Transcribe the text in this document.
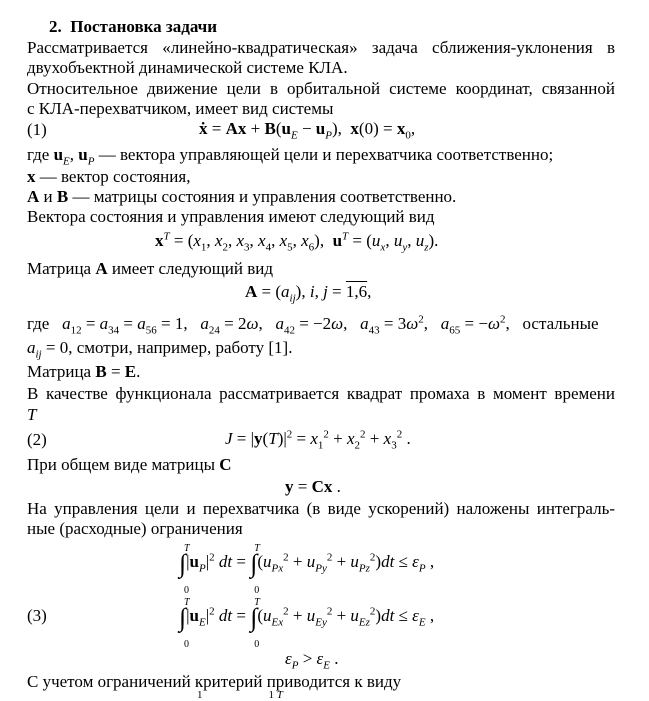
2. Постановка задачи
Рассматривается «линейно-квадратическая» задача сближения-уклонения в
двухобъектной динамической системе КЛА.
Относительное движение цели в орбитальной системе координат, связанной
с КЛА-перехватчиком, имеет вид системы
ẋ = $Ax + B(u_E - u_P)$,  $x(0) = x_0$,
(1)
где $u_E$, $u_P$ — вектора управляющей цели и перехватчика соответственно;
x — вектор состояния,
A и B — матрицы состояния и управления соответственно.
Вектора состояния и управления имеют следующий вид
$x^T = (x_1$, $x_2$, $x_3$, $x_4$, $x_5$, $x_6$),  $u^T = (u_x$, $u_y$, $u_z$).
Матрица A имеет следующий вид
$A = (a_{ij})$, i, j = 1,6,
где $a_{12} = a_{34} = a_{56} = 1$,   $a_{24} = 2\omega$,   $a_{42} = -2\omega$,   $a_{43} = 3\omega^2$,   $a_{65} = -\omega^2$,   остальные
$a_{ij} = 0$, смотри, например, работу [1].
Матрица B = E.
В качестве функционала рассматривается квадрат промаха в момент времени
T
$J = |y(T)|^2 = x_1^2 + x_2^2 + x_3^2$ .
(2)
При общем виде матрицы C
y = Cx .
На управления цели и перехватчика (в виде ускорений) наложены интеграль-
ные (расходные) ограничения
T
0
$\int|u_P|^2$ dt =
T
0
$\int(u_{Px}^2 + u_{Py}^2 + u_{Pz}^2)dt \le \varepsilon_P$ ,
T
0
$\int|u_E|^2$ dt =
T
0
$\int(u_{Ex}^2 + u_{Ey}^2 + u_{Ez}^2)dt \le \varepsilon_E$ ,
(3)
$\varepsilon_P > \varepsilon_E$ .
С учетом ограничений критерий приводится к виду
1                        1 T
